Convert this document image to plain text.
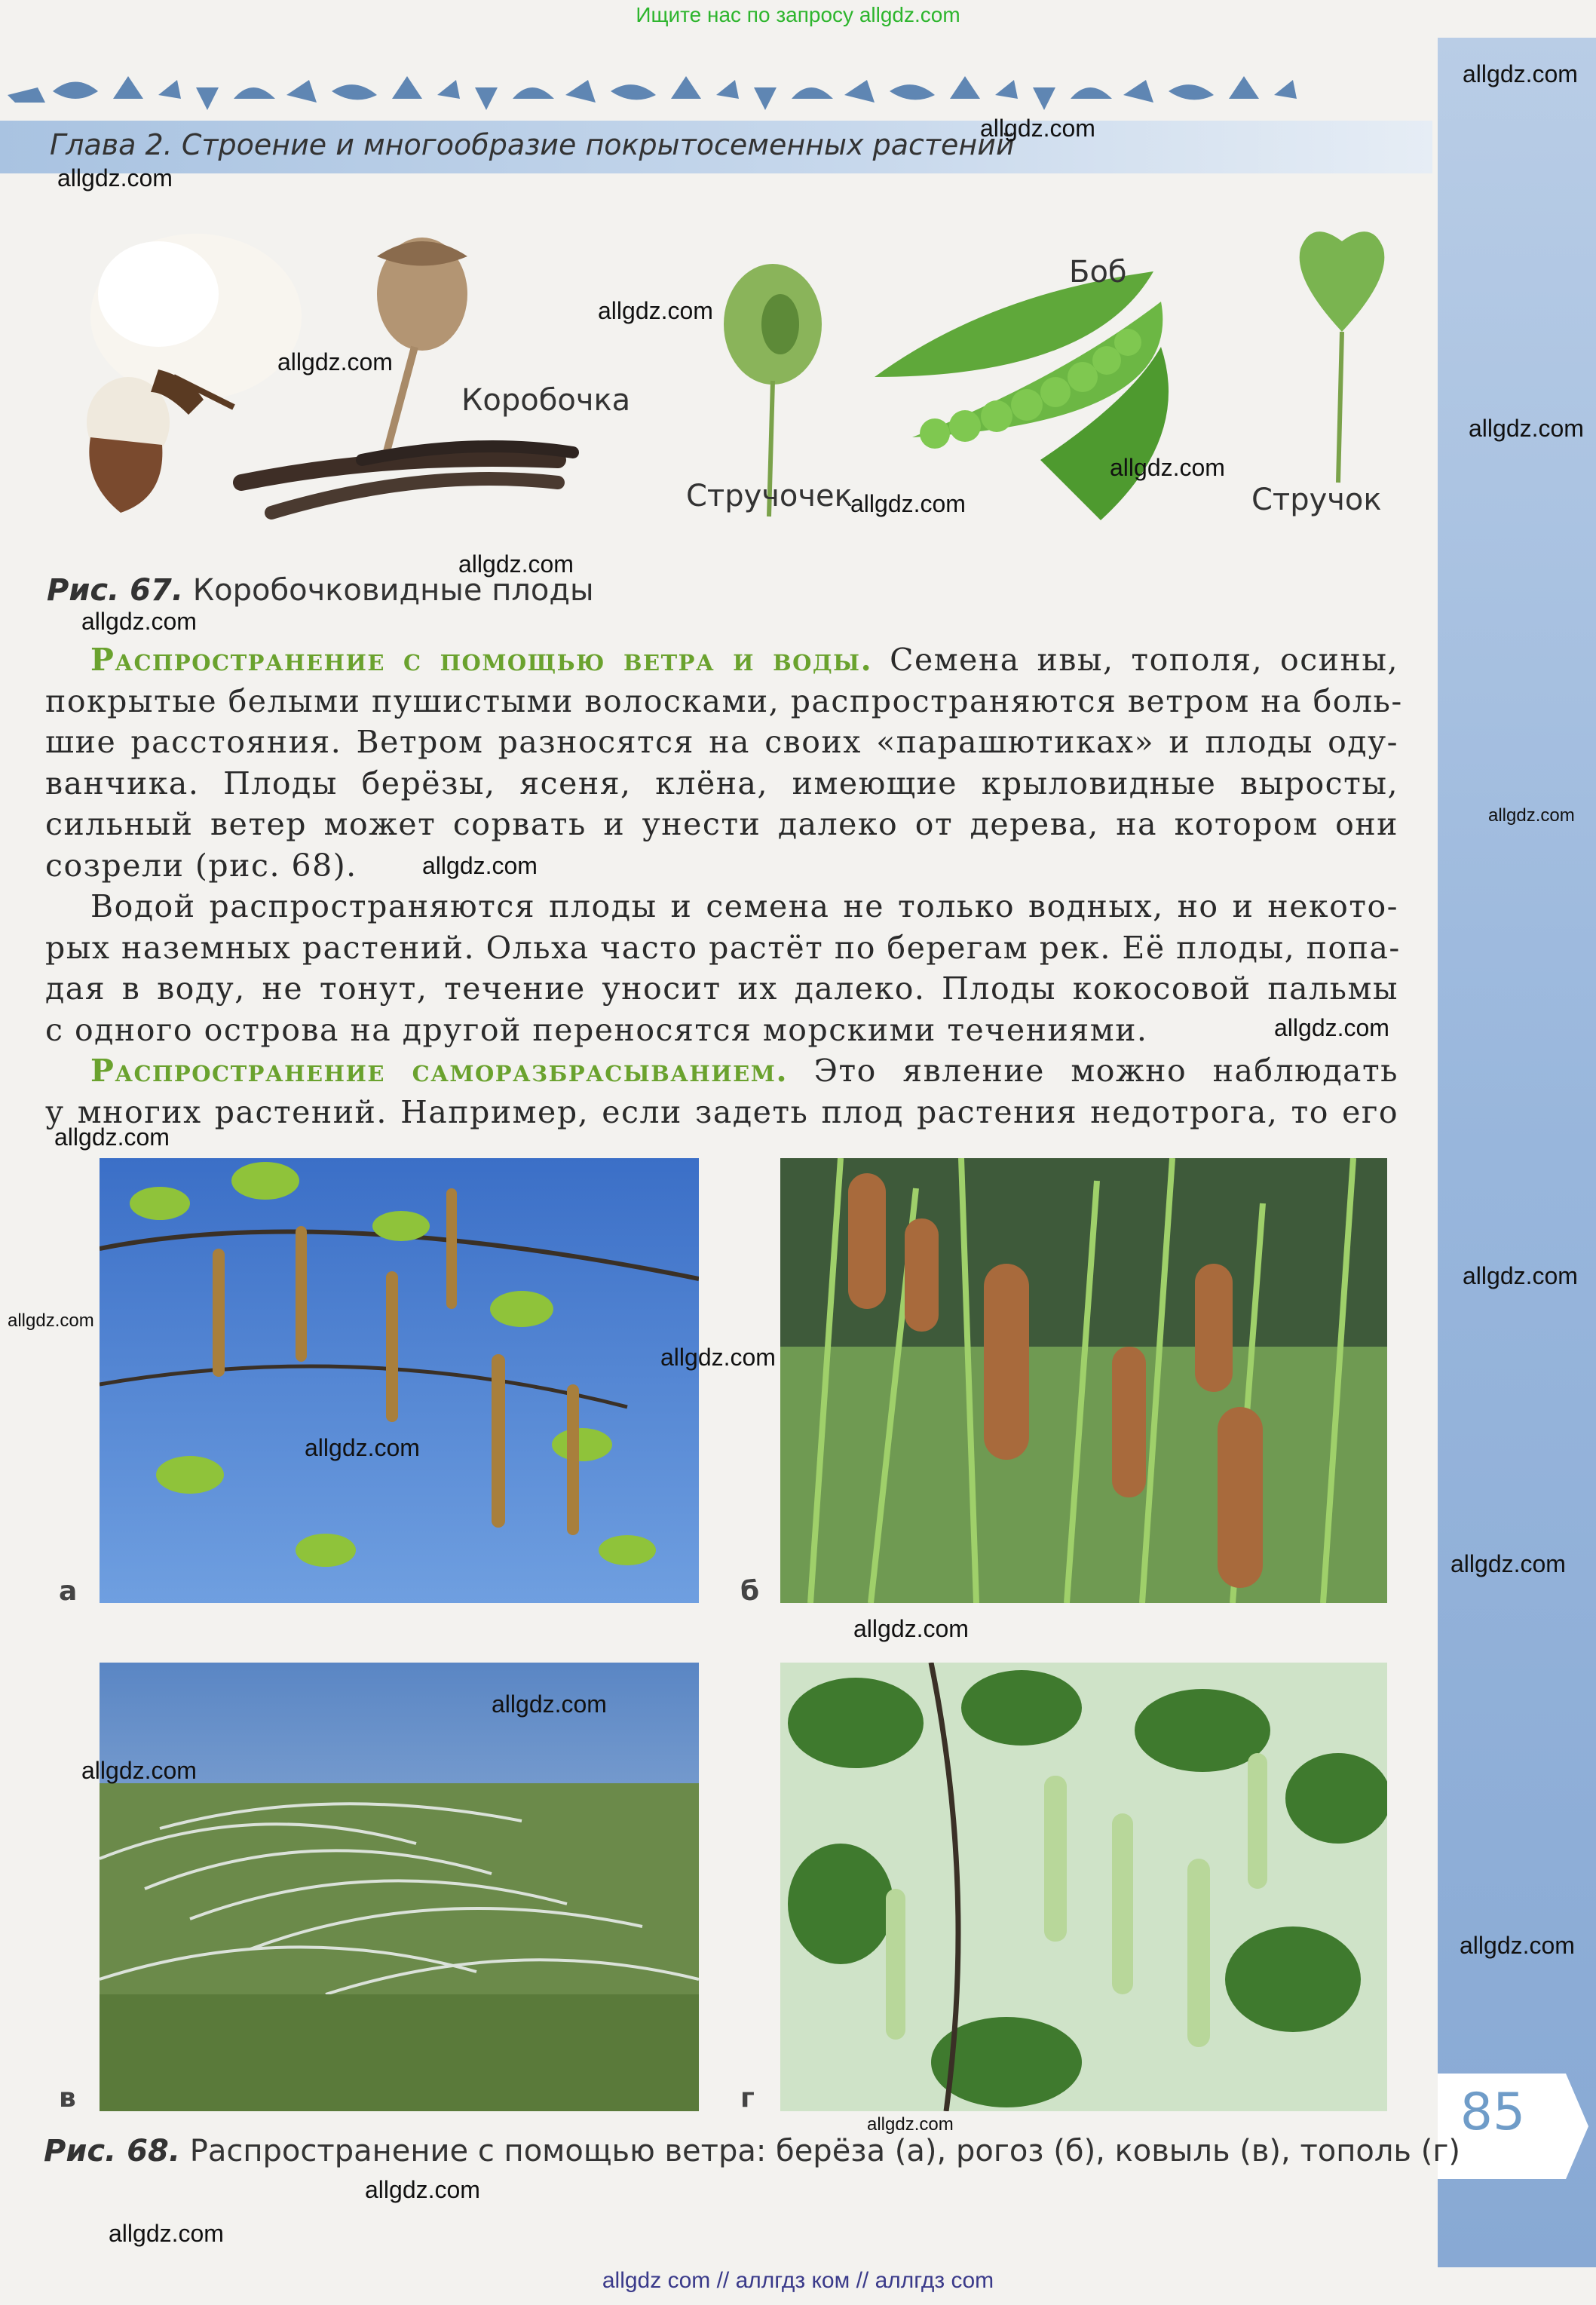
Ищите нас по запросу allgdz.com
Глава 2. Строение и многообразие покрытосеменных растений
85
Коробочка
Боб
Стручочек	Стручок
Рис. 67. Коробочковидные плоды
Распространение с помощью ветра и воды. Семена ивы, тополя, осины,
покрытые белыми пушистыми волосками, распространяются ветром на боль-
шие расстояния. Ветром разносятся на своих «парашютиках» и плоды оду-
ванчика. Плоды берёзы, ясеня, клёна, имеющие крыловидные выросты,
сильный ветер может сорвать и унести далеко от дерева, на котором они
созрели (рис. 68).
Водой распространяются плоды и семена не только водных, но и некото-
рых наземных растений. Ольха часто растёт по берегам рек. Её плоды, попа-
дая в воду, не тонут, течение уносит их далеко. Плоды кокосовой пальмы
с одного острова на другой переносятся морскими течениями.
Распространение саморазбрасыванием. Это явление можно наблюдать
у многих растений. Например, если задеть плод растения недотрога, то его
а	б
в	г
Рис. 68. Распространение с помощью ветра: берёза (а), рогоз (б), ковыль (в), тополь (г)
allgdz.com
allgdz.com
allgdz.com
allgdz.com
allgdz.com
allgdz.com
allgdz.com
allgdz.com
allgdz.com
allgdz.com
allgdz.com
allgdz.com
allgdz.com
allgdz.com
allgdz.com
allgdz.com
allgdz.com
allgdz.com
allgdz.com
allgdz.com
allgdz.com
allgdz.com
allgdz.com
allgdz.com
allgdz.com
allgdz.com
allgdz com // аллгдз ком // аллгдз com
